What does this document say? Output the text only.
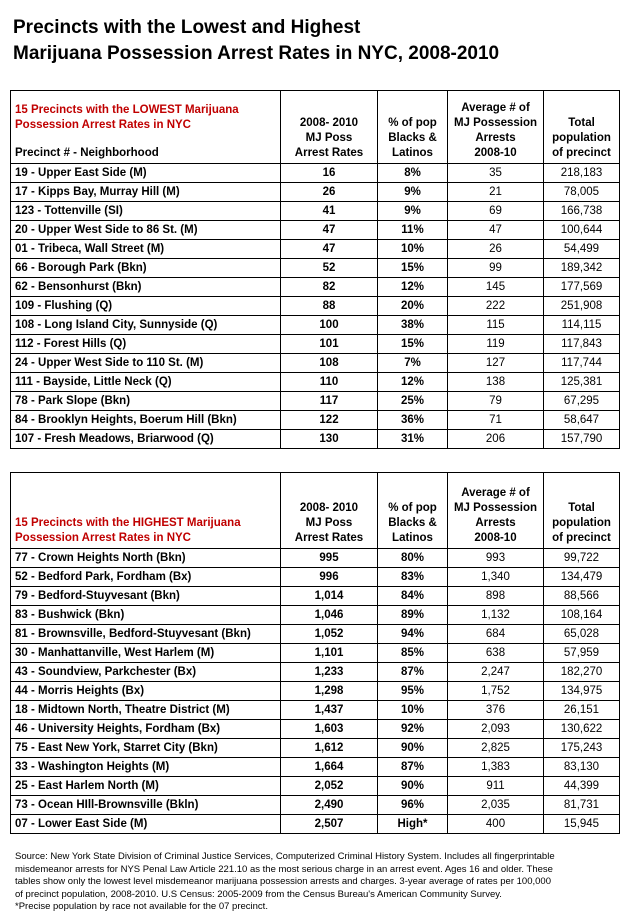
Precincts with the Lowest and Highest
Marijuana Possession Arrest Rates in NYC, 2008-2010
15 Precincts with the LOWEST Marijuana
Possession Arrest Rates in NYC
Precinct # - Neighborhood	2008- 2010
MJ Poss
Arrest Rates	% of pop
Blacks &
Latinos	Average # of
MJ Possession
Arrests
2008-10	Total
population
of precinct

19 - Upper East Side (M)	16	8%	35	218,183
17 - Kipps Bay, Murray Hill (M)	26	9%	21	78,005
123 - Tottenville (SI)	41	9%	69	166,738
20 - Upper West Side to 86 St. (M)	47	11%	47	100,644
01 - Tribeca, Wall Street (M)	47	10%	26	54,499
66 - Borough Park (Bkn)	52	15%	99	189,342
62 - Bensonhurst (Bkn)	82	12%	145	177,569
109 - Flushing (Q)	88	20%	222	251,908
108 - Long Island City, Sunnyside (Q)	100	38%	115	114,115
112 - Forest Hills (Q)	101	15%	119	117,843
24 - Upper West Side to 110 St. (M)	108	7%	127	117,744
111 - Bayside, Little Neck (Q)	110	12%	138	125,381
78 - Park Slope (Bkn)	117	25%	79	67,295
84 - Brooklyn Heights, Boerum Hill (Bkn)	122	36%	71	58,647
107 - Fresh Meadows, Briarwood (Q)	130	31%	206	157,790
15 Precincts with the HIGHEST Marijuana
Possession Arrest Rates in NYC	2008- 2010
MJ Poss
Arrest Rates	% of pop
Blacks &
Latinos	Average # of
MJ Possession
Arrests
2008-10	Total
population
of precinct

77 - Crown Heights North (Bkn)	995	80%	993	99,722
52 - Bedford Park, Fordham (Bx)	996	83%	1,340	134,479
79 - Bedford-Stuyvesant (Bkn)	1,014	84%	898	88,566
83 - Bushwick (Bkn)	1,046	89%	1,132	108,164
81 - Brownsville, Bedford-Stuyvesant (Bkn)	1,052	94%	684	65,028
30 - Manhattanville, West Harlem (M)	1,101	85%	638	57,959
43 - Soundview, Parkchester (Bx)	1,233	87%	2,247	182,270
44 - Morris Heights (Bx)	1,298	95%	1,752	134,975
18 - Midtown North, Theatre District (M)	1,437	10%	376	26,151
46 - University Heights, Fordham (Bx)	1,603	92%	2,093	130,622
75 - East New York, Starret City (Bkn)	1,612	90%	2,825	175,243
33 - Washington Heights (M)	1,664	87%	1,383	83,130
25 - East Harlem North (M)	2,052	90%	911	44,399
73 - Ocean HIll-Brownsville (Bkln)	2,490	96%	2,035	81,731
07 - Lower East Side (M)	2,507	High*	400	15,945
Source: New York State Division of Criminal Justice Services, Computerized Criminal History System. Includes all fingerprintable
misdemeanor arrests for NYS Penal Law Article 221.10 as the most serious charge in an arrest event. Ages 16 and older. These
tables show only the lowest level misdemeanor marijuana possession arrests and charges. 3-year average of rates per 100,000
of precinct population, 2008-2010. U.S Census: 2005-2009 from the Census Bureau's American Community Survey.
*Precise population by race not available for the 07 precinct.
